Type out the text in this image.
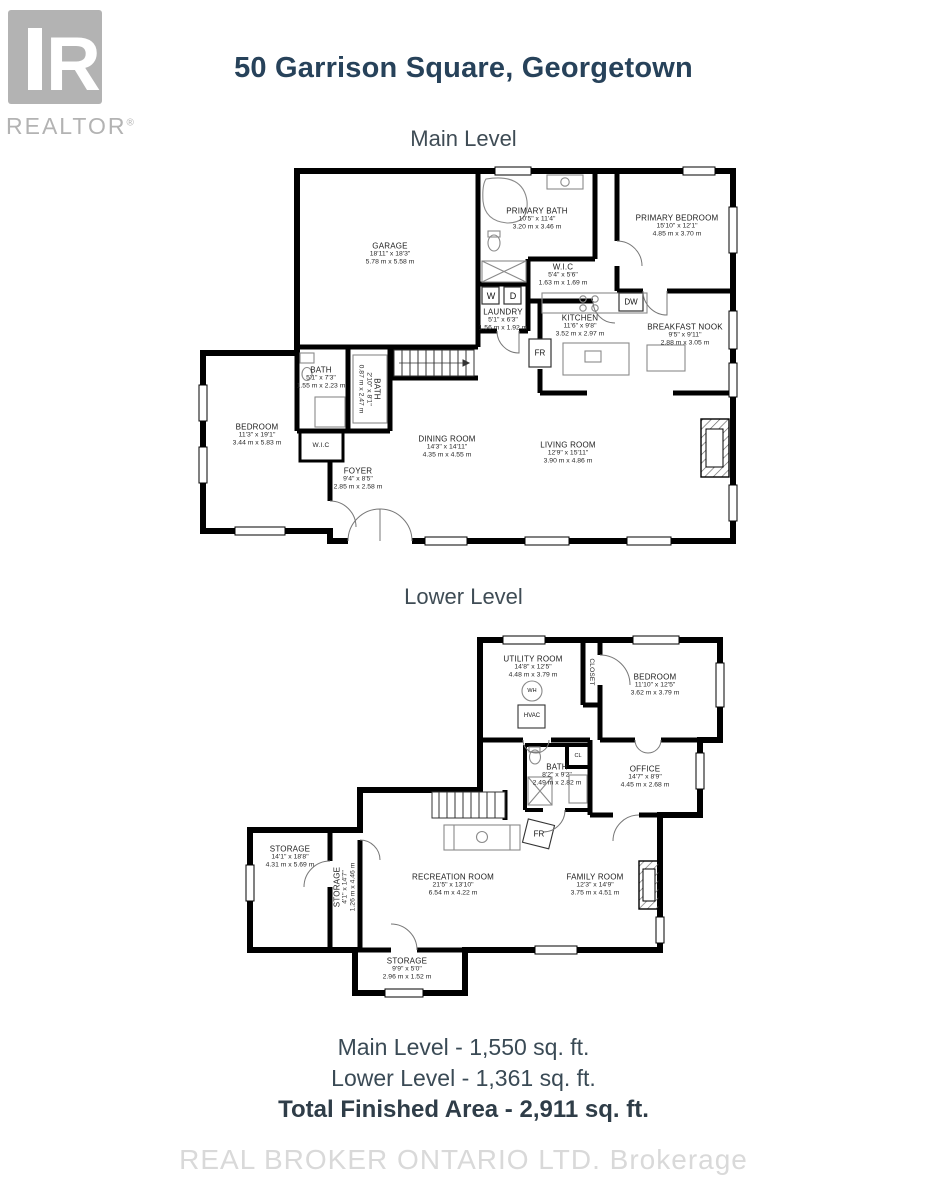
R
REALTOR®
50 Garrison Square, Georgetown
Main Level
Lower Level
GARAGE
18'11" x 18'3"
5.78 m x 5.58 m
PRIMARY BATH
10'5" x 11'4"
3.20 m x 3.46 m
PRIMARY BEDROOM
15'10" x 12'1"
4.85 m x 3.70 m
W.I.C
5'4" x 5'6"
1.63 m x 1.69 m
LAUNDRY
5'1" x 6'3"
1.56 m x 1.92 m
KITCHEN
11'6" x 9'8"
3.52 m x 2.97 m
BREAKFAST NOOK
9'5" x 9'11"
2.88 m x 3.05 m
BEDROOM
11'3" x 19'1"
3.44 m x 5.83 m
BATH
5'1" x 7'3"
1.55 m x 2.23 m	BATH
2'10" x 8'1"
0.87 m x 2.47 m
W.I.C
FOYER
9'4" x 8'5"
2.85 m x 2.58 m
DINING ROOM
14'3" x 14'11"
4.35 m x 4.55 m
LIVING ROOM
12'9" x 15'11"
3.90 m x 4.86 m
W D
DW
FR
UTILITY ROOM
14'8" x 12'5"
4.48 m x 3.79 m	CLOSET	BEDROOM
11'10" x 12'5"
3.62 m x 3.79 m
BATH
8'2" x 9'2"
2.49 m x 2.82 m
CL
OFFICE
14'7" x 8'9"
4.45 m x 2.68 m
STORAGE
14'1" x 18'8"
4.31 m x 5.69 m
STORAGE 4'1" x 14'7" 1.26 m x 4.46 m	RECREATION ROOM
21'5" x 13'10"
6.54 m x 4.22 m
FAMILY ROOM
12'3" x 14'9"
3.75 m x 4.51 m
STORAGE
9'9" x 5'0"
2.96 m x 1.52 m
WH
HVAC
FR
Main Level - 1,550 sq. ft.
Lower Level - 1,361 sq. ft.
Total Finished Area - 2,911 sq. ft.
REAL BROKER ONTARIO LTD. Brokerage
